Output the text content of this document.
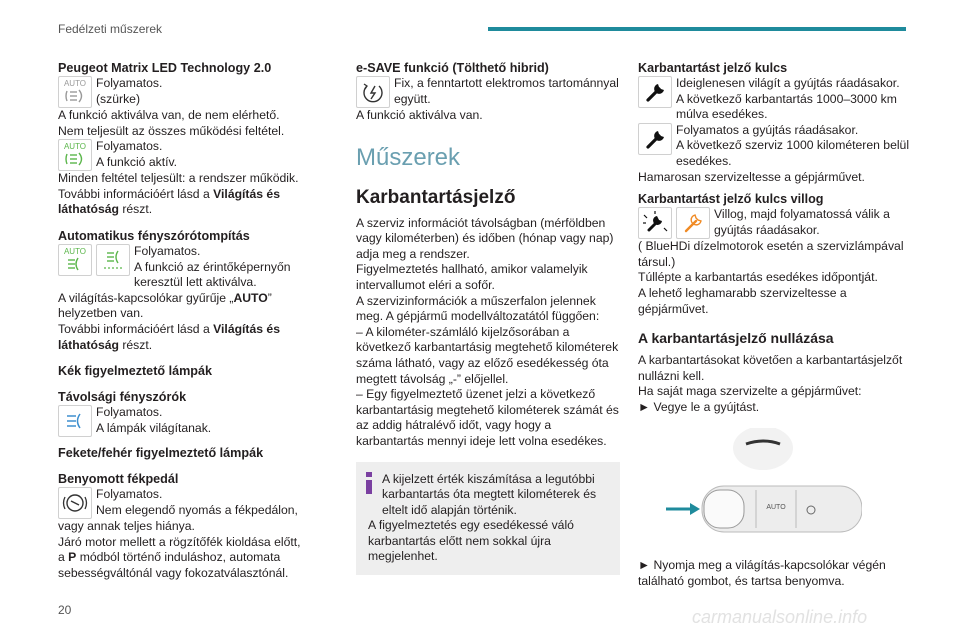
Fedélzeti műszerek
Peugeot Matrix LED Technology 2.0
AUTO Folyamatos.
(szürke)
A funkció aktiválva van, de nem elérhető.
Nem teljesült az összes működési feltétel.
AUTO Folyamatos.
A funkció aktív.
Minden feltétel teljesült: a rendszer működik.
További információért lásd a Világítás és láthatóság részt.
Automatikus fényszórótompítás
AUTO	Folyamatos.
A funkció az érintőképernyőn keresztül lett aktiválva.
A világítás-kapcsolókar gyűrűje „AUTO” helyzetben van.
További információért lásd a Világítás és láthatóság részt.
Kék figyelmeztető lámpák
Távolsági fényszórók
Folyamatos.
A lámpák világítanak.
Fekete/fehér figyelmeztető lámpák
Benyomott fékpedál
Folyamatos.
Nem elegendő nyomás a fékpedálon,
vagy annak teljes hiánya.
Járó motor mellett a rögzítőfék kioldása előtt,
a P módból történő induláshoz, automata
sebességváltónál vagy fokozatválasztónál.
e-SAVE funkció (Tölthető hibrid)
Fix, a fenntartott elektromos tartománnyal együtt.
A funkció aktiválva van.
Műszerek
Karbantartásjelző
A szerviz információt távolságban (mérföldben vagy kilométerben) és időben (hónap vagy nap) adja meg a rendszer.
Figyelmeztetés hallható, amikor valamelyik intervallumot eléri a sofőr.
A szervizinformációk a műszerfalon jelennek meg. A gépjármű modellváltozatától függően:
– A kilométer-számláló kijelzősorában a következő karbantartásig megtehető kilométerek száma látható, vagy az előző esedékesség óta megtett távolság „-” előjellel.
– Egy figyelmeztető üzenet jelzi a következő karbantartásig megtehető kilométerek számát és az addig hátralévő időt, vagy hogy a karbantartás mennyi ideje lett volna esedékes.
A kijelzett érték kiszámítása a legutóbbi karbantartás óta megtett kilométerek és eltelt idő alapján történik.
A figyelmeztetés egy esedékessé váló karbantartás előtt nem sokkal újra megjelenhet.
Karbantartást jelző kulcs
Ideiglenesen világít a gyújtás ráadásakor.
A következő karbantartás 1000–3000 km múlva esedékes.
Folyamatos a gyújtás ráadásakor.
A következő szerviz 1000 kilométeren belül esedékes.
Hamarosan szervizeltesse a gépjárművet.
Karbantartást jelző kulcs villog
Villog, majd folyamatossá válik a gyújtás ráadásakor.
( BlueHDi dízelmotorok esetén a szervizlámpával társul.)
Túllépte a karbantartás esedékes időpontját.
A lehető leghamarabb szervizeltesse a gépjárművet.
A karbantartásjelző nullázása
A karbantartásokat követően a karbantartásjelzőt nullázni kell.
Ha saját maga szervizelte a gépjárművet:
► Vegye le a gyújtást.
AUTO
► Nyomja meg a világítás-kapcsolókar végén található gombot, és tartsa benyomva.
20	carmanualsonline.info
